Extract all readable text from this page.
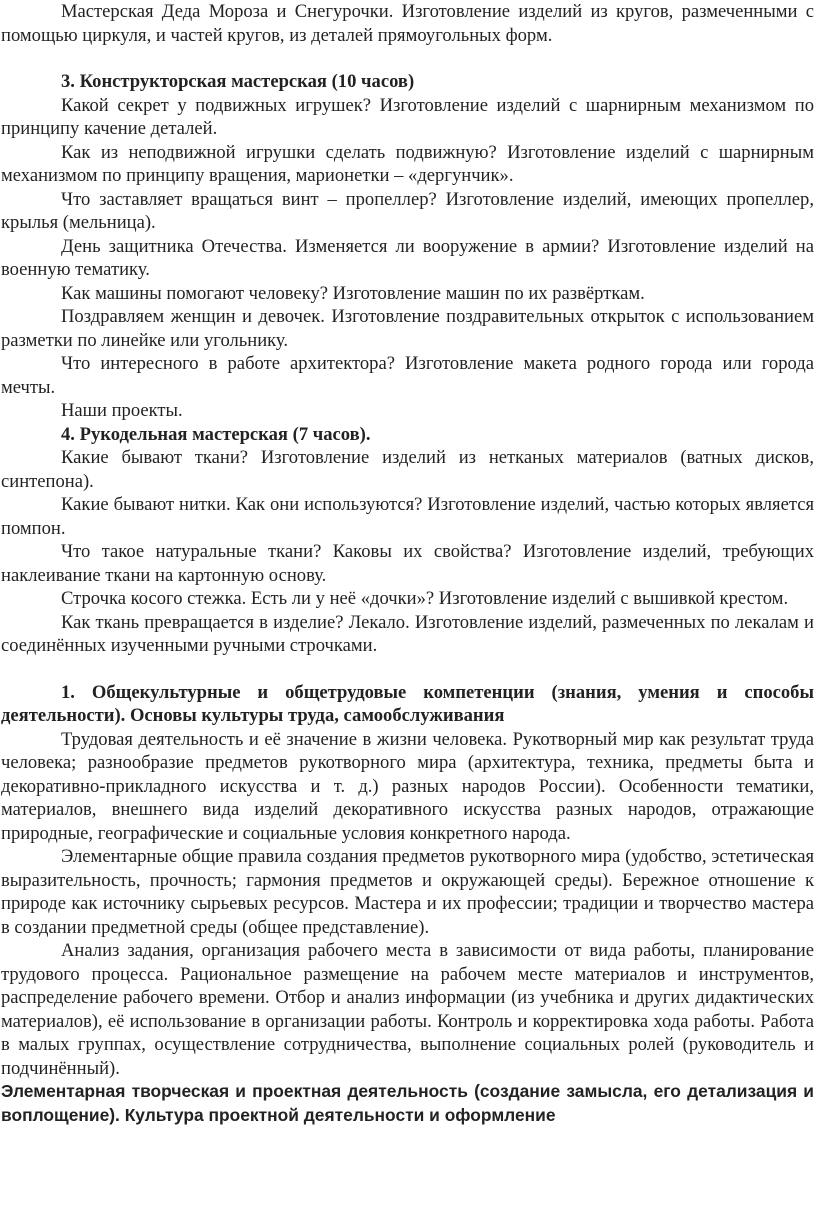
Мастерская Деда Мороза и Снегурочки. Изготовление изделий из кругов, размеченными с помощью циркуля, и частей кругов, из деталей прямоугольных форм.

3. Конструкторская мастерская (10 часов)

Какой секрет у подвижных игрушек? Изготовление изделий с шарнирным механизмом по принципу качение деталей.

Как из неподвижной игрушки сделать подвижную? Изготовление изделий с шарнирным механизмом по принципу вращения, марионетки – «дергунчик».

Что заставляет вращаться винт – пропеллер? Изготовление изделий, имеющих пропеллер, крылья (мельница).

День защитника Отечества. Изменяется ли вооружение в армии? Изготовление изделий на военную тематику.

Как машины помогают человеку? Изготовление машин по их развёрткам.

Поздравляем женщин и девочек. Изготовление поздравительных открыток с использованием разметки по линейке или угольнику.

Что интересного в работе архитектора? Изготовление макета родного города или города мечты.

Наши проекты.

4. Рукодельная мастерская (7 часов).

Какие бывают ткани? Изготовление изделий из нетканых материалов (ватных дисков, синтепона).

Какие бывают нитки. Как они используются? Изготовление изделий, частью которых является помпон.

Что такое натуральные ткани? Каковы их свойства? Изготовление изделий, требующих наклеивание ткани на картонную основу.

Строчка косого стежка. Есть ли у неё «дочки»? Изготовление изделий с вышивкой крестом.

Как ткань превращается в изделие? Лекало. Изготовление изделий, размеченных по лекалам и соединённых изученными ручными строчками.

1. Общекультурные и общетрудовые компетенции (знания, умения и способы деятельности). Основы культуры труда, самообслуживания

Трудовая деятельность и её значение в жизни человека. Рукотворный мир как результат труда человека; разнообразие предметов рукотворного мира (архитектура, техника, предметы быта и декоративно-прикладного искусства и т. д.) разных народов России). Особенности тематики, материалов, внешнего вида изделий декоративного искусства разных народов, отражающие природные, географические и социальные условия конкретного народа.

Элементарные общие правила создания предметов рукотворного мира (удобство, эстетическая выразительность, прочность; гармония предметов и окружающей среды). Бережное отношение к природе как источнику сырьевых ресурсов. Мастера и их профессии; традиции и творчество мастера в создании предметной среды (общее представление).

Анализ задания, организация рабочего места в зависимости от вида работы, планирование трудового процесса. Рациональное размещение на рабочем месте материалов и инструментов, распределение рабочего времени. Отбор и анализ информации (из учебника и других дидактических материалов), её использование в организации работы. Контроль и корректировка хода работы. Работа в малых группах, осуществление сотрудничества, выполнение социальных ролей (руководитель и подчинённый).

Элементарная творческая и проектная деятельность (создание замысла, его детализация и воплощение). Культура проектной деятельности и оформление
